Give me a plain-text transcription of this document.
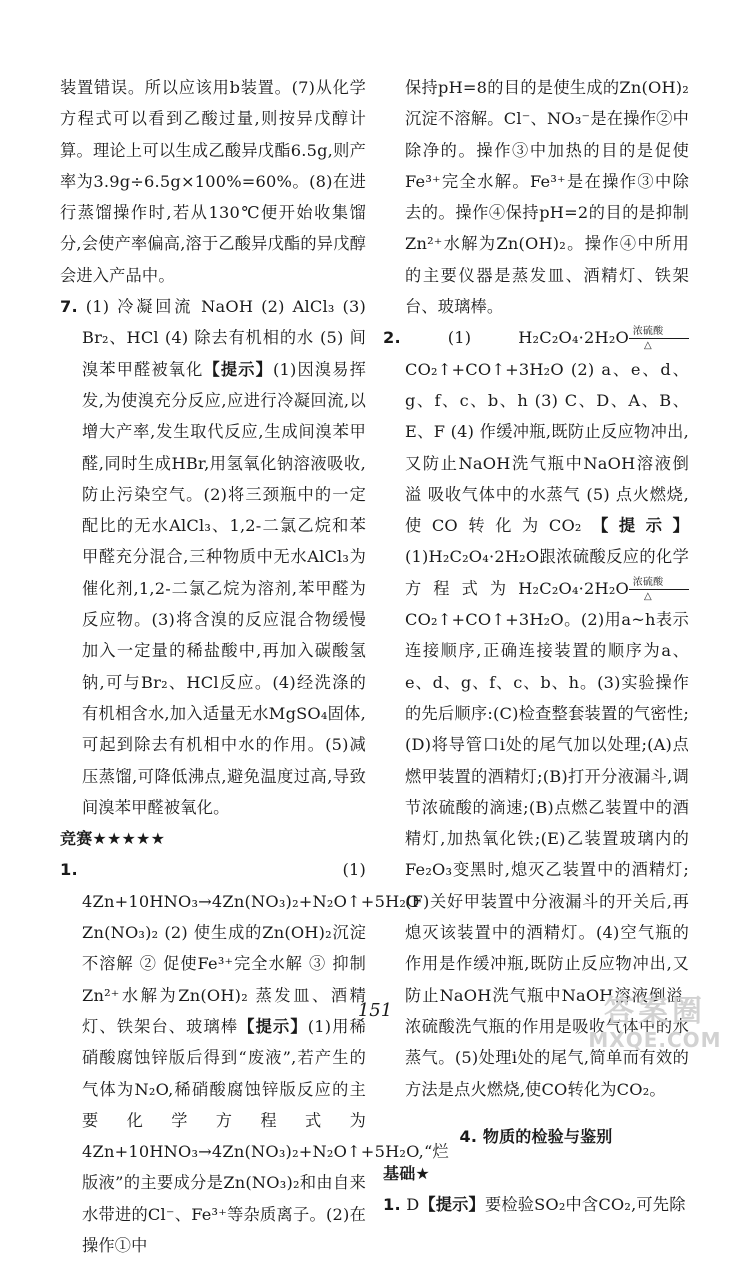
装置错误。所以应该用b装置。(7)从化学方程式可以看到乙酸过量,则按异戊醇计算。理论上可以生成乙酸异戊酯6.5g,则产率为3.9g÷6.5g×100%=60%。(8)在进行蒸馏操作时,若从130℃便开始收集馏分,会使产率偏高,溶于乙酸异戊酯的异戊醇会进入产品中。

7. (1) 冷凝回流 NaOH (2) AlCl₃ (3) Br₂、HCl (4) 除去有机相的水 (5) 间溴苯甲醛被氧化【提示】(1)因溴易挥发,为使溴充分反应,应进行冷凝回流,以增大产率,发生取代反应,生成间溴苯甲醛,同时生成HBr,用氢氧化钠溶液吸收,防止污染空气。(2)将三颈瓶中的一定配比的无水AlCl₃、1,2-二氯乙烷和苯甲醛充分混合,三种物质中无水AlCl₃为催化剂,1,2-二氯乙烷为溶剂,苯甲醛为反应物。(3)将含溴的反应混合物缓慢加入一定量的稀盐酸中,再加入碳酸氢钠,可与Br₂、HCl反应。(4)经洗涤的有机相含水,加入适量无水MgSO₄固体,可起到除去有机相中水的作用。(5)减压蒸馏,可降低沸点,避免温度过高,导致间溴苯甲醛被氧化。

竞赛★★★★★

1.	(1) 4Zn+10HNO₃→4Zn(NO₃)₂+N₂O↑+5H₂O Zn(NO₃)₂ (2) 使生成的Zn(OH)₂沉淀不溶解 ② 促使Fe³⁺完全水解 ③ 抑制Zn²⁺水解为Zn(OH)₂ 蒸发皿、酒精灯、铁架台、玻璃棒【提示】(1)用稀硝酸腐蚀锌版后得到“废液”,若产生的气体为N₂O,稀硝酸腐蚀锌版反应的主要化学方程式为4Zn+10HNO₃→4Zn(NO₃)₂+N₂O↑+5H₂O,“烂版液”的主要成分是Zn(NO₃)₂和由自来水带进的Cl⁻、Fe³⁺等杂质离子。(2)在操作①中

保持pH=8的目的是使生成的Zn(OH)₂沉淀不溶解。Cl⁻、NO₃⁻是在操作②中除净的。操作③中加热的目的是促使Fe³⁺完全水解。Fe³⁺是在操作③中除去的。操作④保持pH=2的目的是抑制Zn²⁺水解为Zn(OH)₂。操作④中所用的主要仪器是蒸发皿、酒精灯、铁架台、玻璃棒。

2.	(1) H₂C₂O₄·2H₂O 浓硫酸
△
CO₂↑+CO↑+3H₂O (2) a、e、d、g、f、c、b、h (3) C、D、A、B、E、F (4) 作缓冲瓶,既防止反应物冲出,又防止NaOH洗气瓶中NaOH溶液倒溢 吸收气体中的水蒸气 (5) 点火燃烧,使CO转化为CO₂【提示】(1)H₂C₂O₄·2H₂O跟浓硫酸反应的化学方程式为H₂C₂O₄·2H₂O 浓硫酸
△
CO₂↑+CO↑+3H₂O。(2)用a~h表示连接顺序,正确连接装置的顺序为a、e、d、g、f、c、b、h。(3)实验操作的先后顺序:(C)检查整套装置的气密性;(D)将导管口i处的尾气加以处理;(A)点燃甲装置的酒精灯;(B)打开分液漏斗,调节浓硫酸的滴速;(B)点燃乙装置中的酒精灯,加热氧化铁;(E)乙装置玻璃内的Fe₂O₃变黑时,熄灭乙装置中的酒精灯;(F)关好甲装置中分液漏斗的开关后,再熄灭该装置中的酒精灯。(4)空气瓶的作用是作缓冲瓶,既防止反应物冲出,又防止NaOH洗气瓶中NaOH溶液倒溢,浓硫酸洗气瓶的作用是吸收气体中的水蒸气。(5)处理i处的尾气,简单而有效的方法是点火燃烧,使CO转化为CO₂。

4. 物质的检验与鉴别
基础★

1. D【提示】要检验SO₂中含CO₂,可先除

151	答案圈
MXQE.COM
